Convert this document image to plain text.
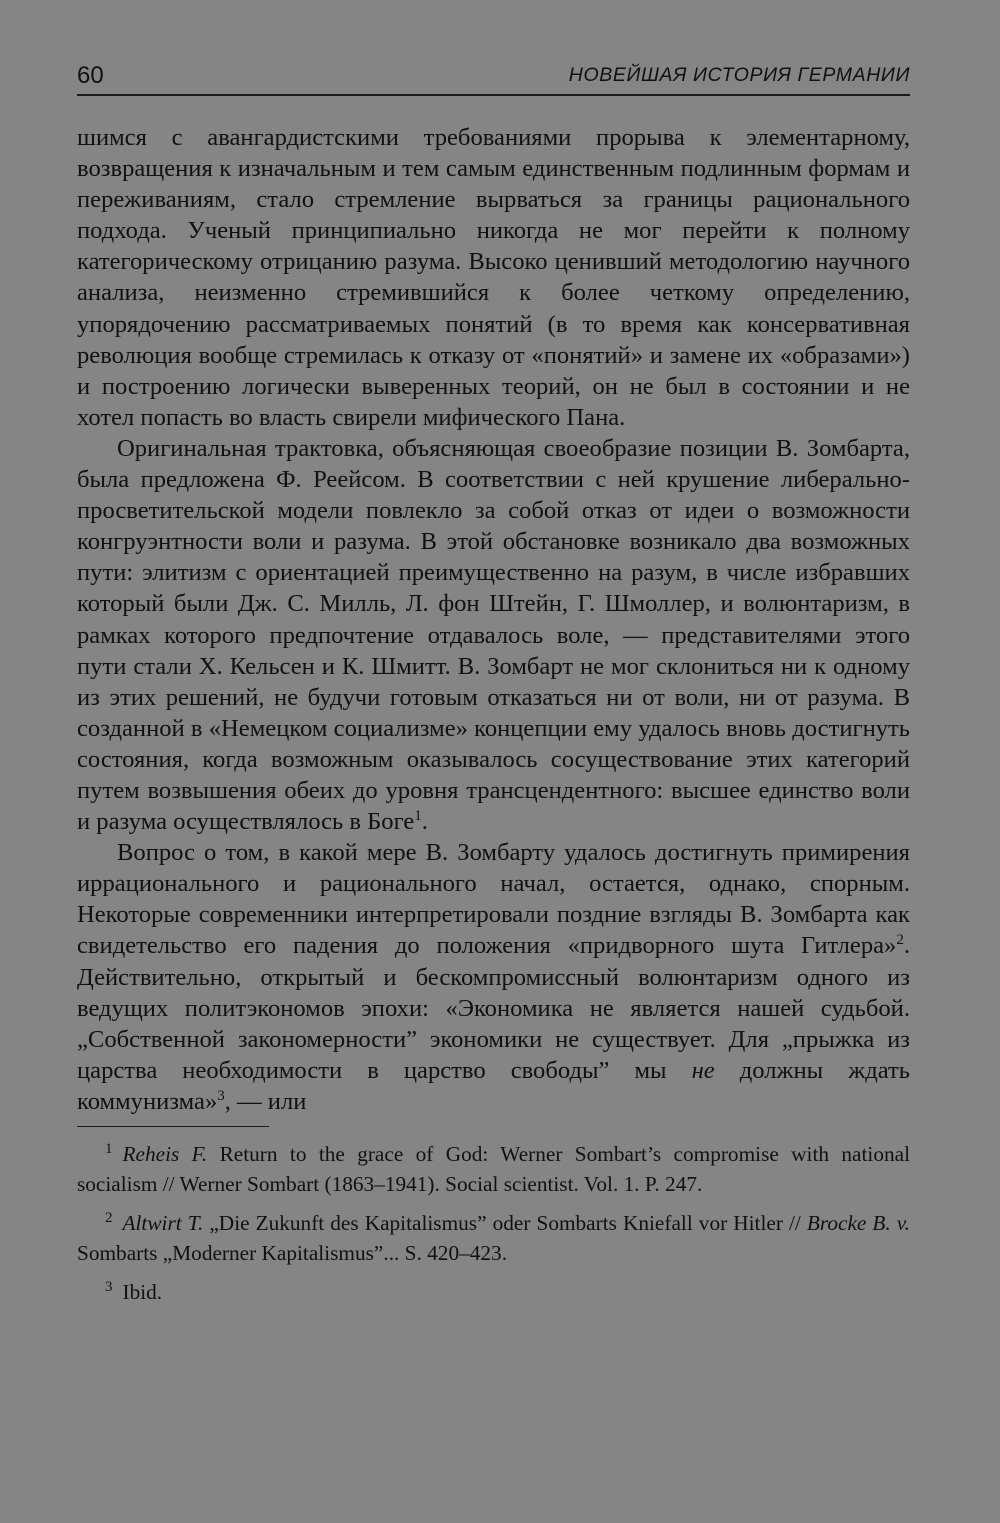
60	НОВЕЙШАЯ ИСТОРИЯ ГЕРМАНИИ

шимся с авангардистскими требованиями прорыва к элементарному, возвращения к изначальным и тем самым единственным подлинным формам и переживаниям, стало стремление вырваться за границы рационального подхода. Ученый принципиально никогда не мог перейти к полному категорическому отрицанию разума. Высоко ценивший методологию научного анализа, неизменно стремившийся к более четкому определению, упорядочению рассматриваемых понятий (в то время как консервативная революция вообще стремилась к отказу от «понятий» и замене их «образами») и построению логически выверенных теорий, он не был в состоянии и не хотел попасть во власть свирели мифического Пана.

Оригинальная трактовка, объясняющая своеобразие позиции В. Зомбарта, была предложена Ф. Реейсом. В соответствии с ней крушение либерально-просветительской модели повлекло за собой отказ от идеи о возможности конгруэнтности воли и разума. В этой обстановке возникало два возможных пути: элитизм с ориентацией преимущественно на разум, в числе избравших который были Дж. С. Милль, Л. фон Штейн, Г. Шмоллер, и волюнтаризм, в рамках которого предпочтение отдавалось воле, — представителями этого пути стали Х. Кельсен и К. Шмитт. В. Зомбарт не мог склониться ни к одному из этих решений, не будучи готовым отказаться ни от воли, ни от разума. В созданной в «Немецком социализме» концепции ему удалось вновь достигнуть состояния, когда возможным оказывалось сосуществование этих категорий путем возвышения обеих до уровня трансцендентного: высшее единство воли и разума осуществлялось в Боге$^1$.

Вопрос о том, в какой мере В. Зомбарту удалось достигнуть примирения иррационального и рационального начал, остается, однако, спорным. Некоторые современники интерпретировали поздние взгляды В. Зомбарта как свидетельство его падения до положения «придворного шута Гитлера»$^2$. Действительно, открытый и бескомпромиссный волюнтаризм одного из ведущих политэкономов эпохи: «Экономика не является нашей судьбой. „Собственной закономерности” экономики не существует. Для „прыжка из царства необходимости в царство свободы” мы не должны ждать коммунизма»$^3$, — или

$^1$ Reheis F. Return to the grace of God: Werner Sombart’s compromise with national socialism // Werner Sombart (1863–1941). Social scientist. Vol. 1. P. 247.

$^2$ Altwirt T. „Die Zukunft des Kapitalismus” oder Sombarts Kniefall vor Hitler // Brocke B. v. Sombarts „Moderner Kapitalismus”... S. 420–423.

$^3$ Ibid.
